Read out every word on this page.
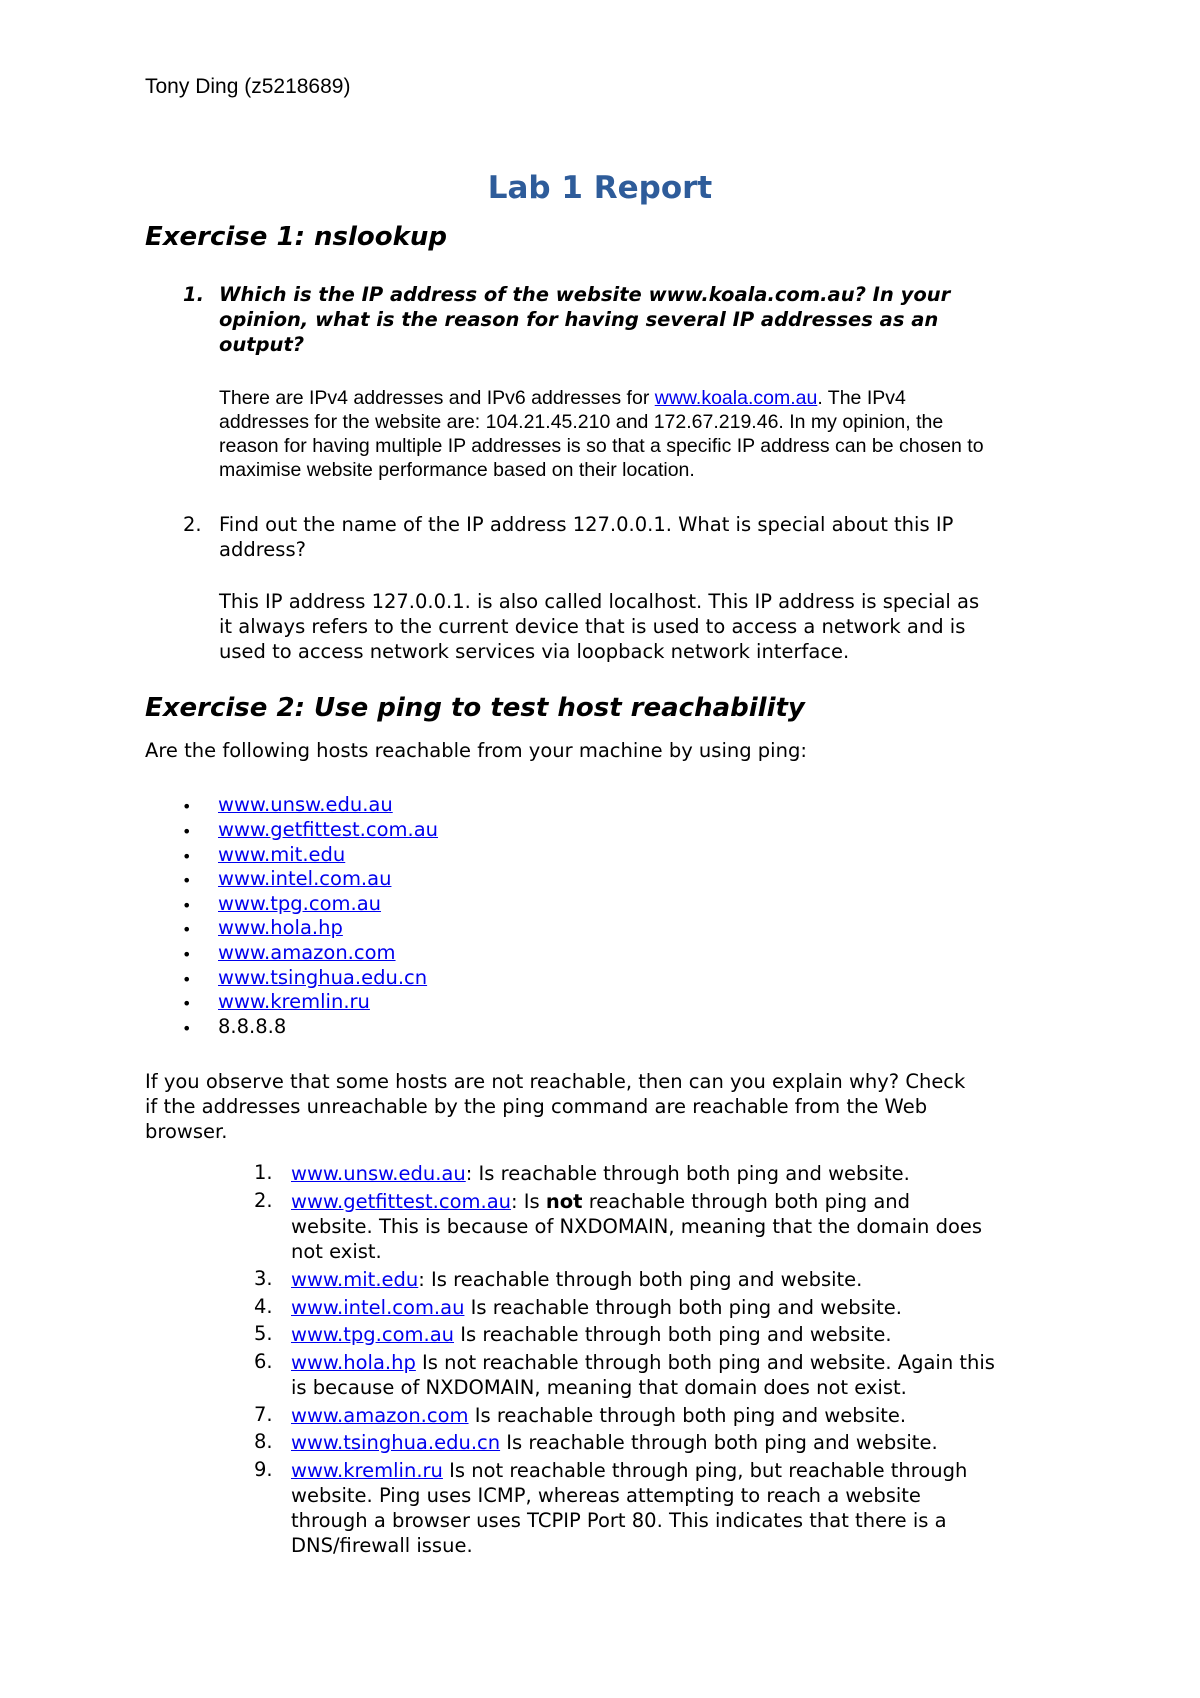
Tony Ding (z5218689)
Lab 1 Report
Exercise 1: nslookup
1. Which is the IP address of the website www.koala.com.au? In your
opinion, what is the reason for having several IP addresses as an
output?
There are IPv4 addresses and IPv6 addresses for www.koala.com.au. The IPv4
addresses for the website are: 104.21.45.210 and 172.67.219.46. In my opinion, the
reason for having multiple IP addresses is so that a specific IP address can be chosen to
maximise website performance based on their location.
2. Find out the name of the IP address 127.0.0.1. What is special about this IP
address?
This IP address 127.0.0.1. is also called localhost. This IP address is special as
it always refers to the current device that is used to access a network and is
used to access network services via loopback network interface.
Exercise 2: Use ping to test host reachability
Are the following hosts reachable from your machine by using ping:
• www.unsw.edu.au
• www.getfittest.com.au
• www.mit.edu
• www.intel.com.au
• www.tpg.com.au
• www.hola.hp
• www.amazon.com
• www.tsinghua.edu.cn
• www.kremlin.ru
• 8.8.8.8
If you observe that some hosts are not reachable, then can you explain why? Check
if the addresses unreachable by the ping command are reachable from the Web
browser.
1. www.unsw.edu.au: Is reachable through both ping and website.
2. www.getfittest.com.au: Is not reachable through both ping and
website. This is because of NXDOMAIN, meaning that the domain does
not exist.
3. www.mit.edu: Is reachable through both ping and website.
4. www.intel.com.au Is reachable through both ping and website.
5. www.tpg.com.au Is reachable through both ping and website.
6. www.hola.hp Is not reachable through both ping and website. Again this
is because of NXDOMAIN, meaning that domain does not exist.
7. www.amazon.com Is reachable through both ping and website.
8. www.tsinghua.edu.cn Is reachable through both ping and website.
9. www.kremlin.ru Is not reachable through ping, but reachable through
website. Ping uses ICMP, whereas attempting to reach a website
through a browser uses TCPIP Port 80. This indicates that there is a
DNS/firewall issue.
